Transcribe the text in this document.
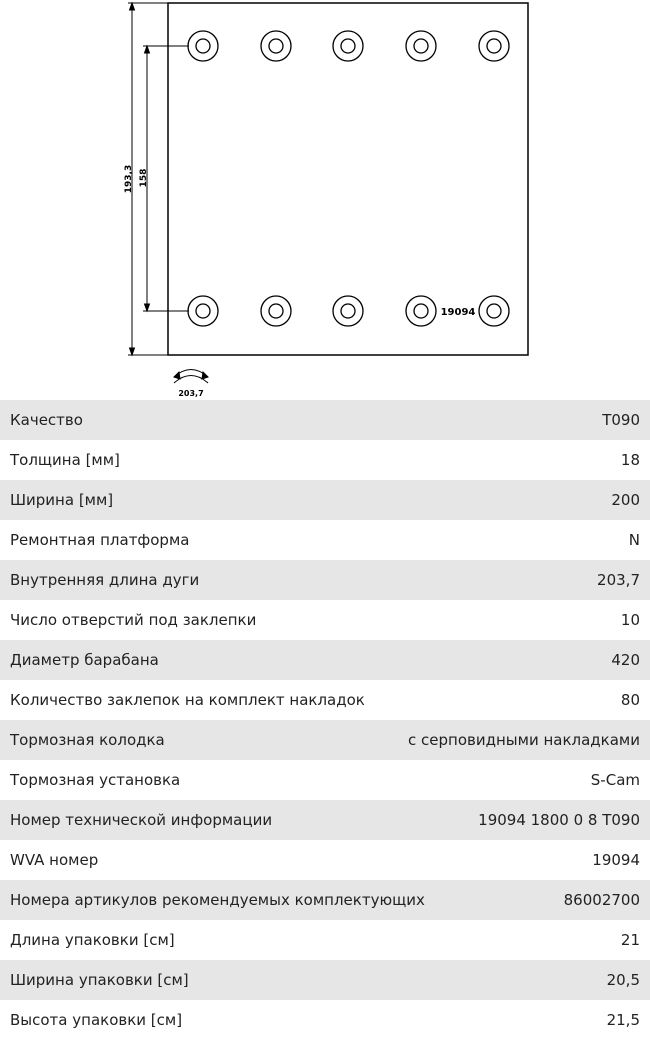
193,3 158
19094
203,7
Качество	T090
Толщина [мм]	18
Ширина [мм]	200
Ремонтная платформа	N
Внутренняя длина дуги	203,7
Число отверстий под заклепки	10
Диаметр барабана	420
Количество заклепок на комплект накладок	80
Тормозная колодка	с серповидными накладками
Тормозная установка	S-Cam
Номер технической информации	19094 1800 0 8 T090
WVA номер	19094
Номера артикулов рекомендуемых комплектующих	86002700
Длина упаковки [см]	21
Ширина упаковки [см]	20,5
Высота упаковки [см]	21,5
